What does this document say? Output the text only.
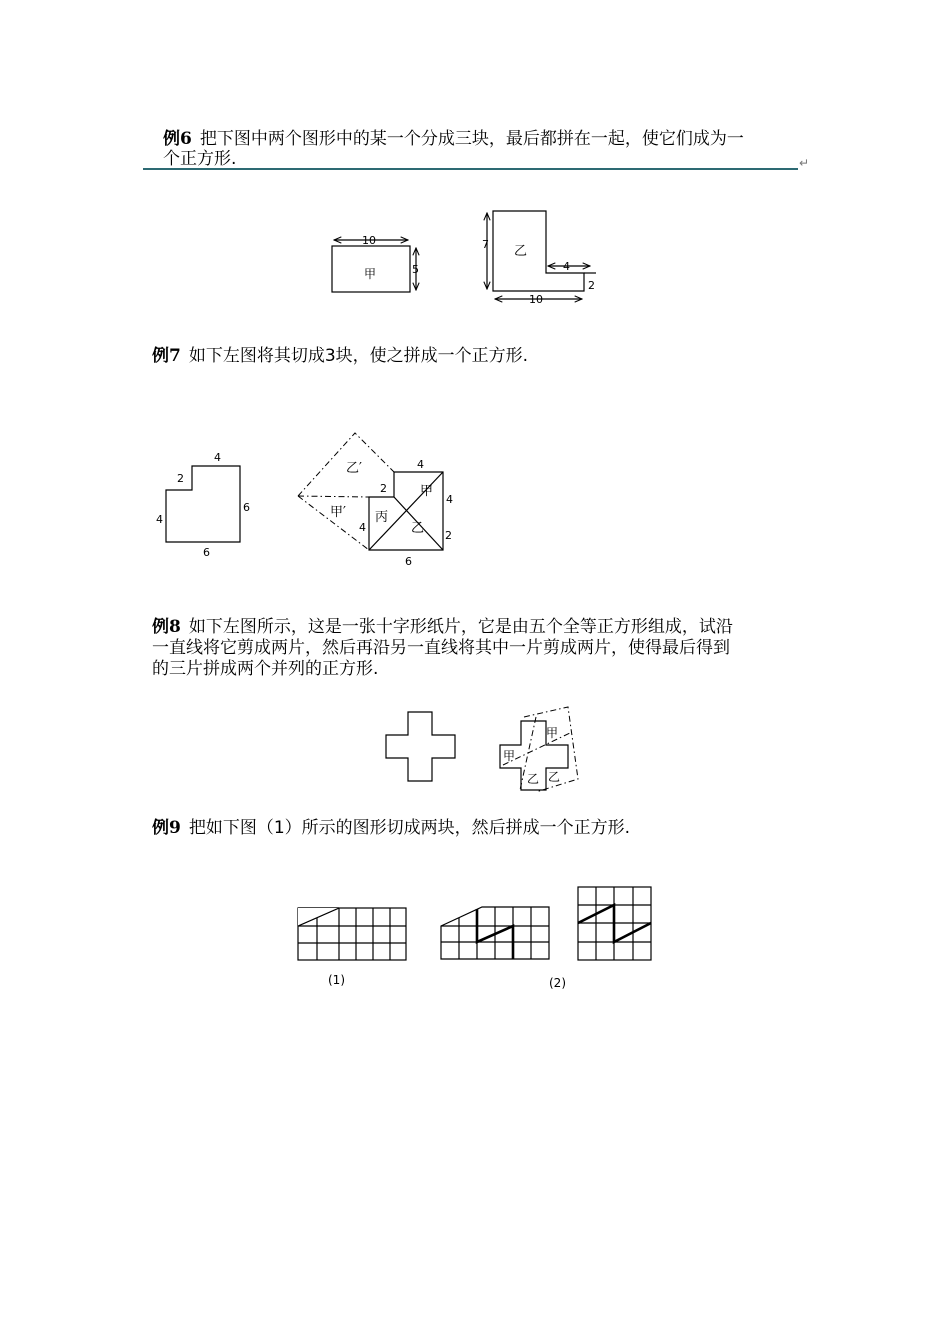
例6 把下图中两个图形中的某一个分成三块，最后都拼在一起，使它们成为一
个正方形.	↵
例7 如下左图将其切成3块，使之拼成一个正方形.
例8 如下左图所示，这是一张十字形纸片，它是由五个全等正方形组成，试沿
一直线将它剪成两片，然后再沿另一直线将其中一片剪成两片，使得最后得到
的三片拼成两个并列的正方形.
例9 把如下图（1）所示的图形切成两块，然后拼成一个正方形.
10
5
甲
7 乙
4
2
10
4
2
4
6
6
乙′
甲
甲′ 丙
乙
4
2
4
4
2
6
甲
甲
乙 乙
(1)	(2)
